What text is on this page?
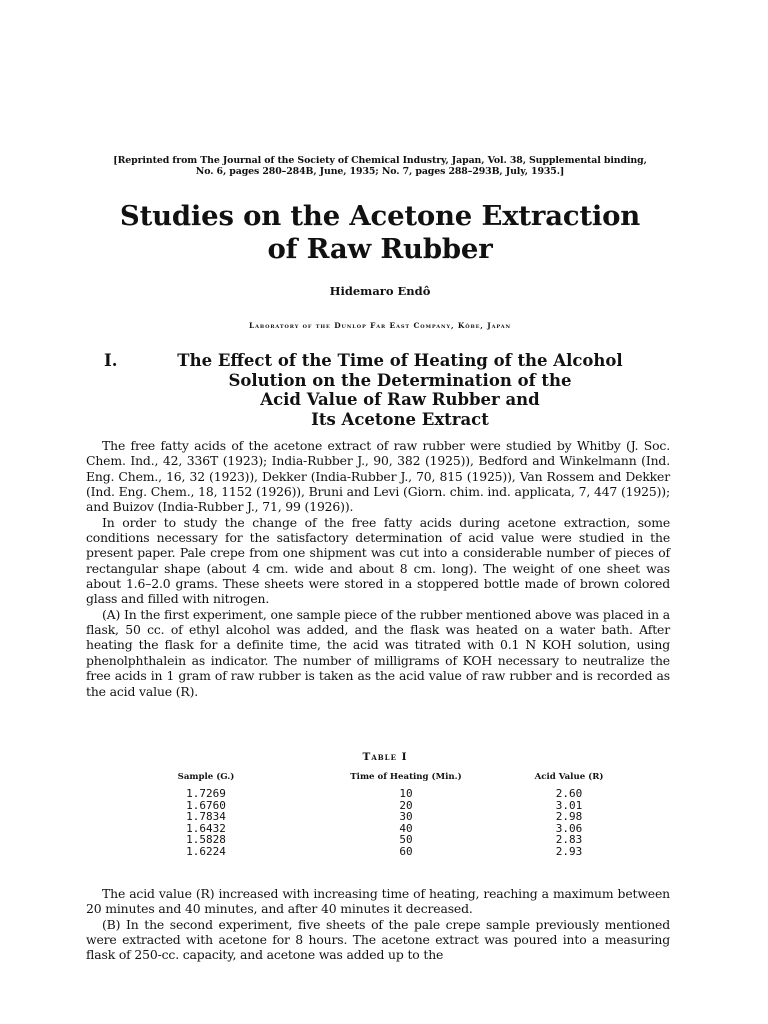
[Reprinted from The Journal of the Society of Chemical Industry, Japan, Vol. 38, Supplemental binding,
No. 6, pages 280–284B, June, 1935; No. 7, pages 288–293B, July, 1935.]
Studies on the Acetone Extraction
of Raw Rubber
Hidemaro Endô
Laboratory of the Dunlop Far East Company, Kôbe, Japan
I.	The Effect of the Time of Heating of the Alcohol
Solution on the Determination of the
Acid Value of Raw Rubber and
Its Acetone Extract

The free fatty acids of the acetone extract of raw rubber were studied by Whitby (J. Soc. Chem. Ind., 42, 336T (1923); India-Rubber J., 90, 382 (1925)), Bedford and Winkelmann (Ind. Eng. Chem., 16, 32 (1923)), Dekker (India-Rubber J., 70, 815 (1925)), Van Rossem and Dekker (Ind. Eng. Chem., 18, 1152 (1926)), Bruni and Levi (Giorn. chim. ind. applicata, 7, 447 (1925)); and Buizov (India-Rubber J., 71, 99 (1926)).

In order to study the change of the free fatty acids during acetone extraction, some conditions necessary for the satisfactory determination of acid value were studied in the present paper. Pale crepe from one shipment was cut into a considerable number of pieces of rectangular shape (about 4 cm. wide and about 8 cm. long). The weight of one sheet was about 1.6–2.0 grams. These sheets were stored in a stoppered bottle made of brown colored glass and filled with nitrogen.

(A) In the first experiment, one sample piece of the rubber mentioned above was placed in a flask, 50 cc. of ethyl alcohol was added, and the flask was heated on a water bath. After heating the flask for a definite time, the acid was titrated with 0.1 N KOH solution, using phenolphthalein as indicator. The number of milligrams of KOH necessary to neutralize the free acids in 1 gram of raw rubber is taken as the acid value of raw rubber and is recorded as the acid value (R).

Table I
Sample (G.)	Time of Heating (Min.)	Acid Value (R)
1.7269	10	2.60
1.6760	20	3.01
1.7834	30	2.98
1.6432	40	3.06
1.5828	50	2.83
1.6224	60	2.93

The acid value (R) increased with increasing time of heating, reaching a maximum between 20 minutes and 40 minutes, and after 40 minutes it decreased.

(B) In the second experiment, five sheets of the pale crepe sample previously mentioned were extracted with acetone for 8 hours. The acetone extract was poured into a measuring flask of 250-cc. capacity, and acetone was added up to the
